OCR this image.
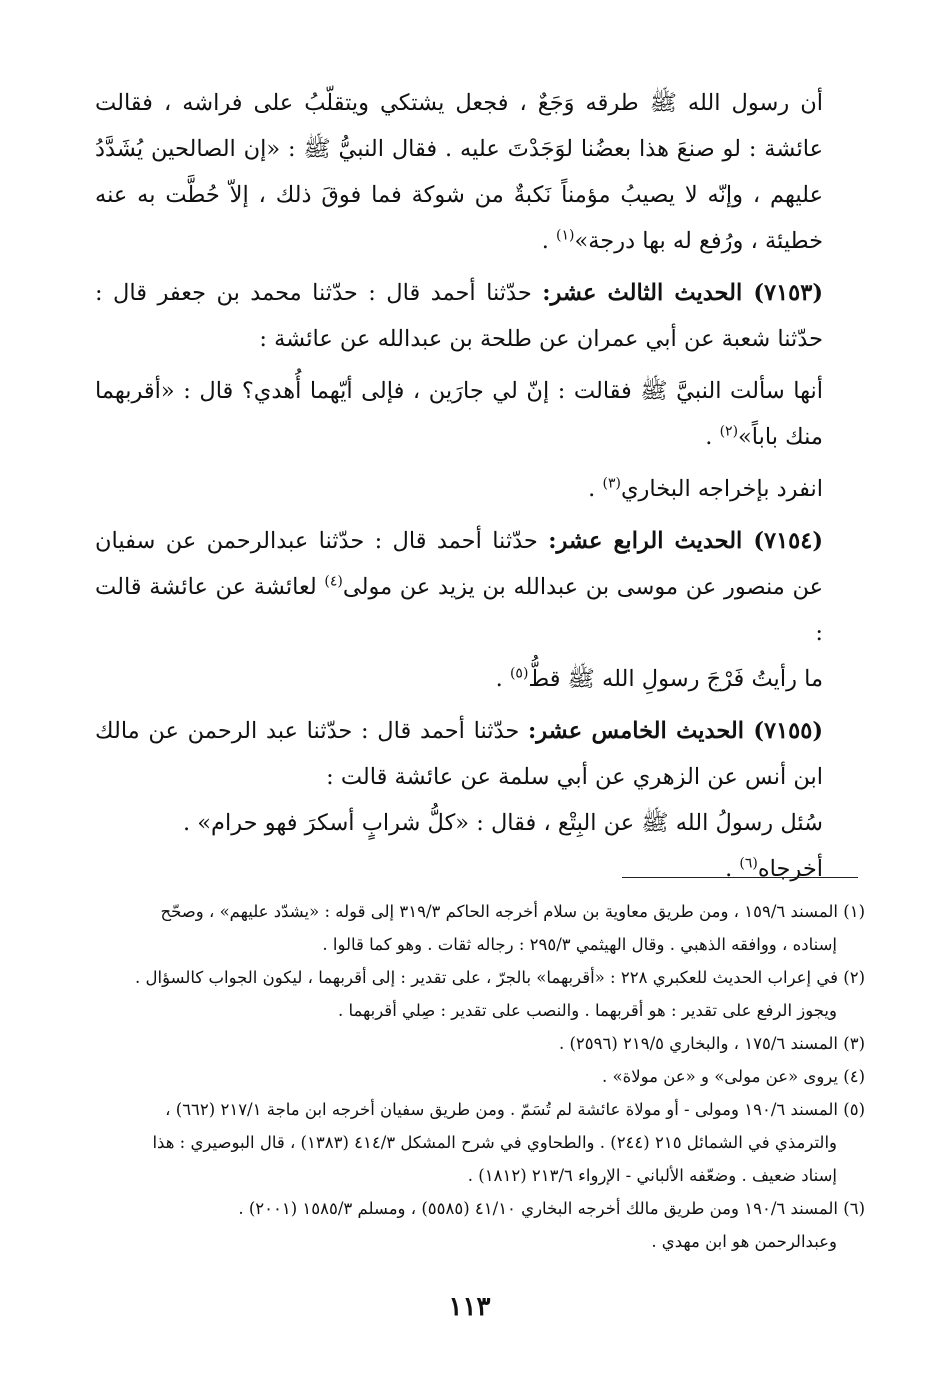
أن رسول الله ﷺ طرقه وَجَعٌ ، فجعل يشتكي ويتقلّبُ على فراشه ، فقالت عائشة : لو صنعَ هذا بعضُنا لوَجَدْتَ عليه . فقال النبيُّ ﷺ : «إن الصالحين يُشَدَّدُ عليهم ، وإنّه لا يصيبُ مؤمناً نَكبةٌ من شوكة فما فوقَ ذلك ، إلاّ حُطَّت به عنه خطيئة ، ورُفع له بها درجة»$^{(١)}$ .

(٧١٥٣) الحديث الثالث عشر: حدّثنا أحمد قال : حدّثنا محمد بن جعفر قال : حدّثنا شعبة عن أبي عمران عن طلحة بن عبدالله عن عائشة :

أنها سألت النبيَّ ﷺ فقالت : إنّ لي جارَين ، فإلى أيّهما أُهدي؟ قال : «أقربهما منك باباً»$^{(٢)}$ .

انفرد بإخراجه البخاري$^{(٣)}$ .

(٧١٥٤) الحديث الرابع عشر: حدّثنا أحمد قال : حدّثنا عبدالرحمن عن سفيان عن منصور عن موسى بن عبدالله بن يزيد عن مولى$^{(٤)}$ لعائشة عن عائشة قالت :

ما رأيتُ فَرْجَ رسولِ الله ﷺ قطُّ$^{(٥)}$ .

(٧١٥٥) الحديث الخامس عشر: حدّثنا أحمد قال : حدّثنا عبد الرحمن عن مالك ابن أنس عن الزهري عن أبي سلمة عن عائشة قالت :

سُئل رسولُ الله ﷺ عن البِتْع ، فقال : «كلُّ شرابٍ أسكرَ فهو حرام» .

أخرجاه$^{(٦)}$ .

(١) المسند ١٥٩/٦ ، ومن طريق معاوية بن سلام أخرجه الحاكم ٣١٩/٣ إلى قوله : «يشدّد عليهم» ، وصحّح

إسناده ، ووافقه الذهبي . وقال الهيثمي ٢٩٥/٣ : رجاله ثقات . وهو كما قالوا .

(٢) في إعراب الحديث للعكبري ٢٢٨ : «أقربهما» بالجرّ ، على تقدير : إلى أقربهما ، ليكون الجواب كالسؤال .

ويجوز الرفع على تقدير : هو أقربهما . والنصب على تقدير : صِلي أقربهما .

(٣) المسند ١٧٥/٦ ، والبخاري ٢١٩/٥ (٢٥٩٦) .

(٤) يروى «عن مولى» و «عن مولاة» .

(٥) المسند ١٩٠/٦ ومولى - أو مولاة عائشة لم تُسَمّ . ومن طريق سفيان أخرجه ابن ماجة ٢١٧/١ (٦٦٢) ،

والترمذي في الشمائل ٢١٥ (٢٤٤) . والطحاوي في شرح المشكل ٤١٤/٣ (١٣٨٣) ، قال البوصيري : هذا

إسناد ضعيف . وضعّفه الألباني - الإرواء ٢١٣/٦ (١٨١٢) .

(٦) المسند ١٩٠/٦ ومن طريق مالك أخرجه البخاري ٤١/١٠ (٥٥٨٥) ، ومسلم ١٥٨٥/٣ (٢٠٠١) .

وعبدالرحمن هو ابن مهدي .

١١٣
